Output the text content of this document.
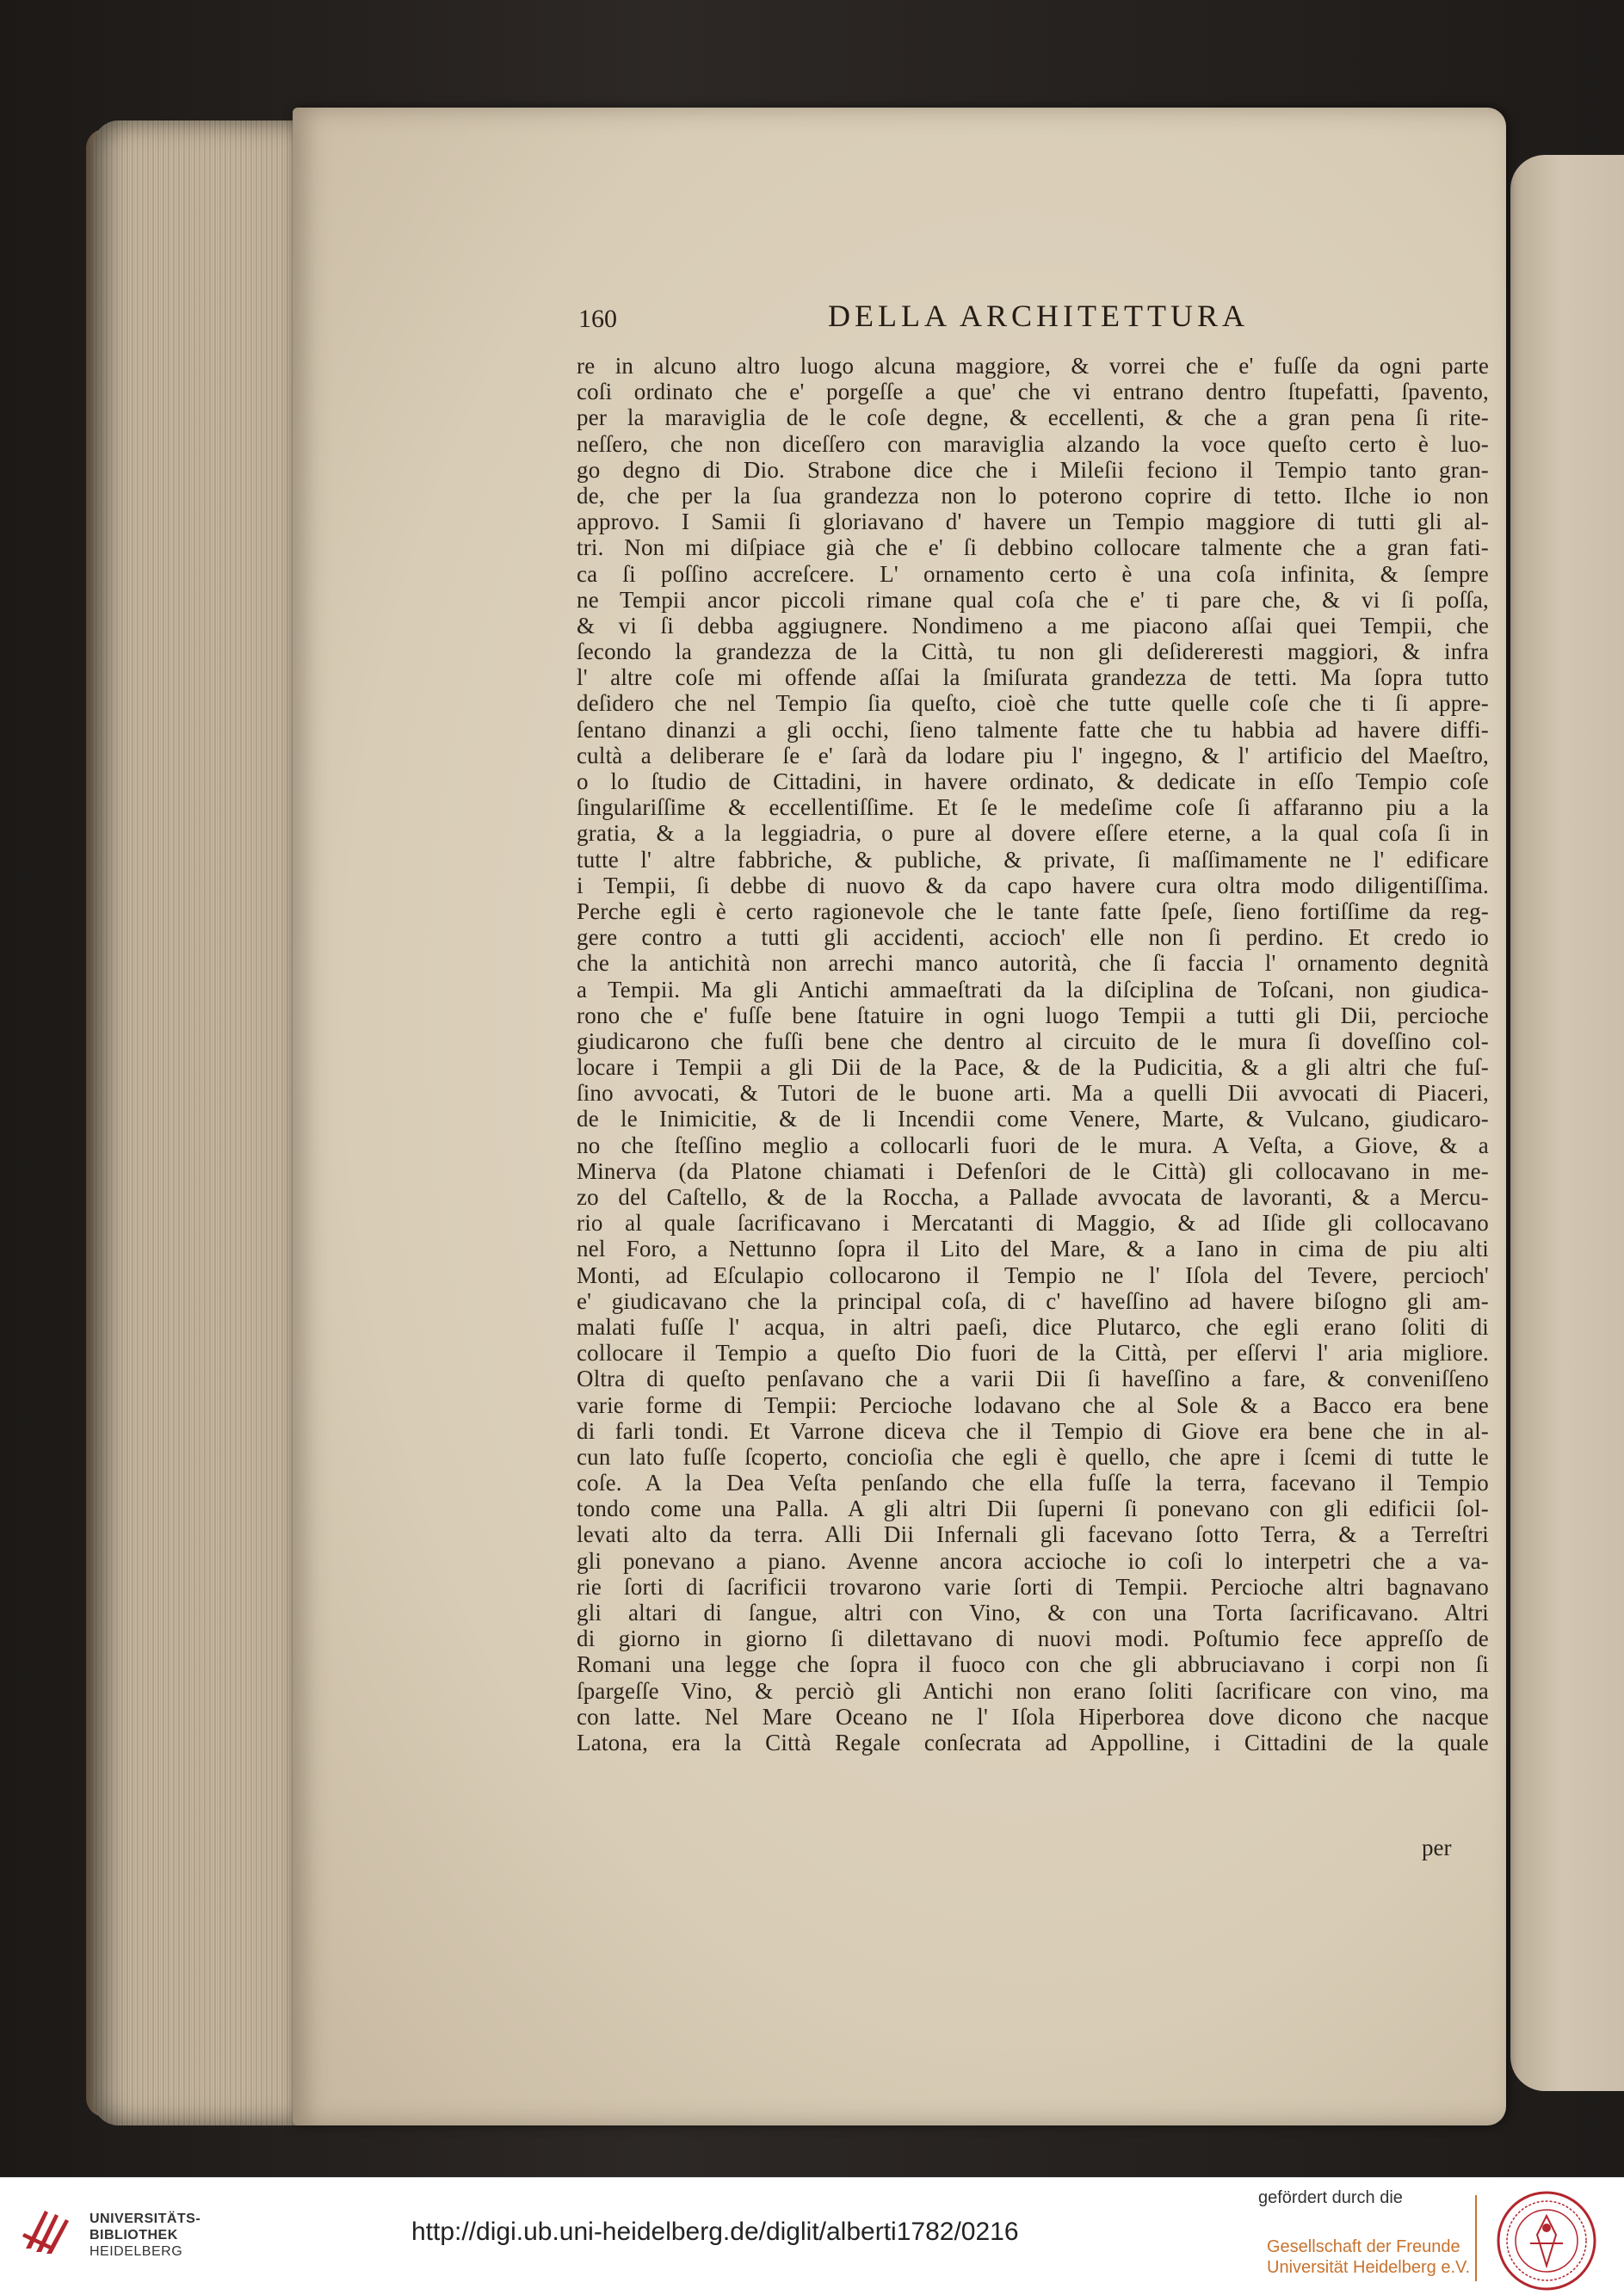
160	DELLA ARCHITETTURA
re in alcuno altro luogo alcuna maggiore, & vorrei che e' fuſſe da ogni parte
coſi ordinato che e' porgeſſe a que' che vi entrano dentro ſtupefatti, ſpavento,
per la maraviglia de le coſe degne, & eccellenti, & che a gran pena ſi rite-
neſſero, che non diceſſero con maraviglia alzando la voce queſto certo è luo-
go degno di Dio. Strabone dice che i Mileſii feciono il Tempio tanto gran-
de, che per la ſua grandezza non lo poterono coprire di tetto. Ilche io non
approvo. I Samii ſi gloriavano d' havere un Tempio maggiore di tutti gli al-
tri. Non mi diſpiace già che e' ſi debbino collocare talmente che a gran fati-
ca ſi poſſino accreſcere. L' ornamento certo è una coſa infinita, & ſempre
ne Tempii ancor piccoli rimane qual coſa che e' ti pare che, & vi ſi poſſa,
& vi ſi debba aggiugnere. Nondimeno a me piacono aſſai quei Tempii, che
ſecondo la grandezza de la Città, tu non gli deſidereresti maggiori, & infra
l' altre coſe mi offende aſſai la ſmiſurata grandezza de tetti. Ma ſopra tutto
deſidero che nel Tempio ſia queſto, cioè che tutte quelle coſe che ti ſi appre-
ſentano dinanzi a gli occhi, ſieno talmente fatte che tu habbia ad havere diffi-
cultà a deliberare ſe e' ſarà da lodare piu l' ingegno, & l' artificio del Maeſtro,
o lo ſtudio de Cittadini, in havere ordinato, & dedicate in eſſo Tempio coſe
ſingulariſſime & eccellentiſſime. Et ſe le medeſime coſe ſi affaranno piu a la
gratia, & a la leggiadria, o pure al dovere eſſere eterne, a la qual coſa ſi in
tutte l' altre fabbriche, & publiche, & private, ſi maſſimamente ne l' edificare
i Tempii, ſi debbe di nuovo & da capo havere cura oltra modo diligentiſſima.
Perche egli è certo ragionevole che le tante fatte ſpeſe, ſieno fortiſſime da reg-
gere contro a tutti gli accidenti, accioch' elle non ſi perdino. Et credo io
che la antichità non arrechi manco autorità, che ſi faccia l' ornamento degnità
a Tempii. Ma gli Antichi ammaeſtrati da la diſciplina de Toſcani, non giudica-
rono che e' fuſſe bene ſtatuire in ogni luogo Tempii a tutti gli Dii, percioche
giudicarono che fuſſi bene che dentro al circuito de le mura ſi doveſſino col-
locare i Tempii a gli Dii de la Pace, & de la Pudicitia, & a gli altri che fuſ-
ſino avvocati, & Tutori de le buone arti. Ma a quelli Dii avvocati di Piaceri,
de le Inimicitie, & de li Incendii come Venere, Marte, & Vulcano, giudicaro-
no che ſteſſino meglio a collocarli fuori de le mura. A Veſta, a Giove, & a
Minerva (da Platone chiamati i Defenſori de le Città) gli collocavano in me-
zo del Caſtello, & de la Roccha, a Pallade avvocata de lavoranti, & a Mercu-
rio al quale ſacrificavano i Mercatanti di Maggio, & ad Iſide gli collocavano
nel Foro, a Nettunno ſopra il Lito del Mare, & a Iano in cima de piu alti
Monti, ad Eſculapio collocarono il Tempio ne l' Iſola del Tevere, percioch'
e' giudicavano che la principal coſa, di c' haveſſino ad havere biſogno gli am-
malati fuſſe l' acqua, in altri paeſi, dice Plutarco, che egli erano ſoliti di
collocare il Tempio a queſto Dio fuori de la Città, per eſſervi l' aria migliore.
Oltra di queſto penſavano che a varii Dii ſi haveſſino a fare, & conveniſſeno
varie forme di Tempii: Percioche lodavano che al Sole & a Bacco era bene
di farli tondi. Et Varrone diceva che il Tempio di Giove era bene che in al-
cun lato fuſſe ſcoperto, concioſia che egli è quello, che apre i ſcemi di tutte le
coſe. A la Dea Veſta penſando che ella fuſſe la terra, facevano il Tempio
tondo come una Palla. A gli altri Dii ſuperni ſi ponevano con gli edificii ſol-
levati alto da terra. Alli Dii Infernali gli facevano ſotto Terra, & a Terreſtri
gli ponevano a piano. Avenne ancora accioche io coſi lo interpetri che a va-
rie ſorti di ſacrificii trovarono varie ſorti di Tempii. Percioche altri bagnavano
gli altari di ſangue, altri con Vino, & con una Torta ſacrificavano. Altri
di giorno in giorno ſi dilettavano di nuovi modi. Poſtumio fece appreſſo de
Romani una legge che ſopra il fuoco con che gli abbruciavano i corpi non ſi
ſpargeſſe Vino, & perciò gli Antichi non erano ſoliti ſacrificare con vino, ma
con latte. Nel Mare Oceano ne l' Iſola Hiperborea dove dicono che nacque
Latona, era la Città Regale conſecrata ad Appolline, i Cittadini de la quale
per
UNIVERSITÄTS-
BIBLIOTHEK
HEIDELBERG
http://digi.ub.uni-heidelberg.de/diglit/alberti1782/0216
gefördert durch die
Gesellschaft der Freunde
Universität Heidelberg e.V.
